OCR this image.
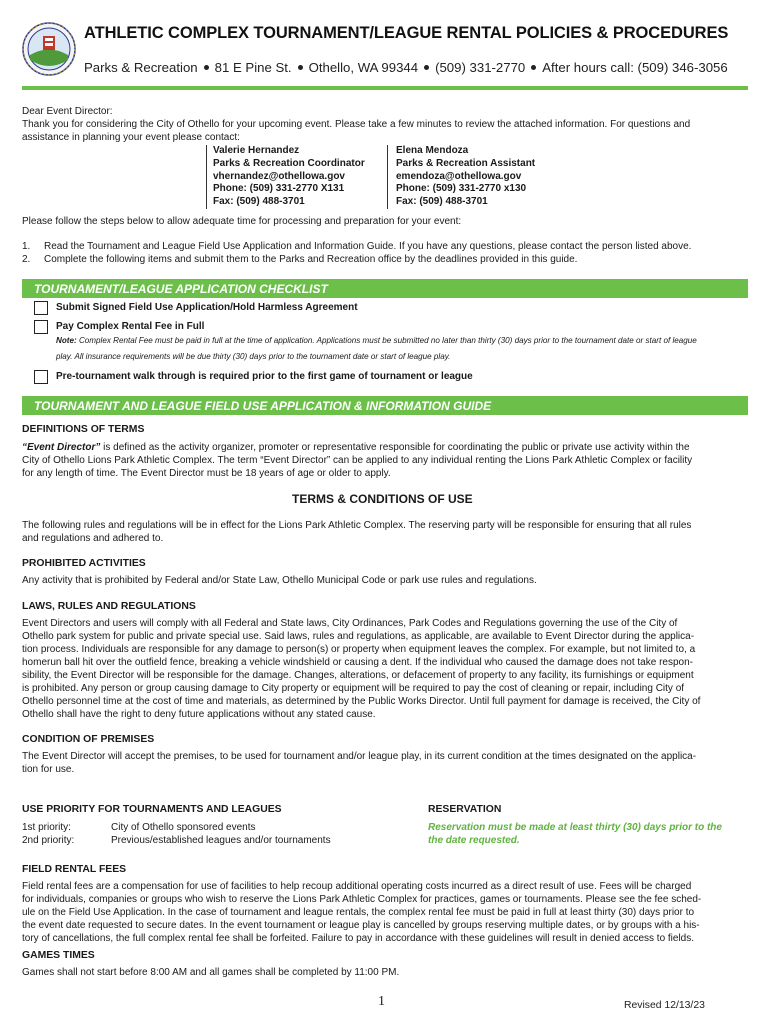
ATHLETIC COMPLEX TOURNAMENT/LEAGUE RENTAL POLICIES & PROCEDURES
Parks & Recreation 81 E Pine St. Othello, WA 99344 (509) 331-2770 After hours call: (509) 346-3056
Dear Event Director:
Thank you for considering the City of Othello for your upcoming event. Please take a few minutes to review the attached information. For questions and
assistance in planning your event please contact:
Valerie Hernandez
Parks & Recreation Coordinator
vhernandez@othellowa.gov
Phone: (509) 331-2770 X131
Fax: (509) 488-3701
Elena Mendoza
Parks & Recreation Assistant
emendoza@othellowa.gov
Phone: (509) 331-2770 x130
Fax: (509) 488-3701
Please follow the steps below to allow adequate time for processing and preparation for your event:
1. Read the Tournament and League Field Use Application and Information Guide. If you have any questions, please contact the person listed above.
2. Complete the following items and submit them to the Parks and Recreation office by the deadlines provided in this guide.
TOURNAMENT/LEAGUE APPLICATION CHECKLIST
Submit Signed Field Use Application/Hold Harmless Agreement
Pay Complex Rental Fee in Full
Note: Complex Rental Fee must be paid in full at the time of application. Applications must be submitted no later than thirty (30) days prior to the tournament date or start of league
play. All insurance requirements will be due thirty (30) days prior to the tournament date or start of league play.
Pre-tournament walk through is required prior to the first game of tournament or league
TOURNAMENT AND LEAGUE FIELD USE APPLICATION & INFORMATION GUIDE
DEFINITIONS OF TERMS
“Event Director” is defined as the activity organizer, promoter or representative responsible for coordinating the public or private use activity within the
City of Othello Lions Park Athletic Complex. The term “Event Director” can be applied to any individual renting the Lions Park Athletic Complex or facility
for any length of time. The Event Director must be 18 years of age or older to apply.
TERMS & CONDITIONS OF USE
The following rules and regulations will be in effect for the Lions Park Athletic Complex. The reserving party will be responsible for ensuring that all rules
and regulations and adhered to.
PROHIBITED ACTIVITIES
Any activity that is prohibited by Federal and/or State Law, Othello Municipal Code or park use rules and regulations.
LAWS, RULES AND REGULATIONS
Event Directors and users will comply with all Federal and State laws, City Ordinances, Park Codes and Regulations governing the use of the City of
Othello park system for public and private special use. Said laws, rules and regulations, as applicable, are available to Event Director during the applica-
tion process. Individuals are responsible for any damage to person(s) or property when equipment leaves the complex. For example, but not limited to, a
homerun ball hit over the outfield fence, breaking a vehicle windshield or causing a dent. If the individual who caused the damage does not take respon-
sibility, the Event Director will be responsible for the damage. Changes, alterations, or defacement of property to any facility, its furnishings or equipment
is prohibited. Any person or group causing damage to City property or equipment will be required to pay the cost of cleaning or repair, including City of
Othello personnel time at the cost of time and materials, as determined by the Public Works Director. Until full payment for damage is received, the City of
Othello shall have the right to deny future applications without any stated cause.
CONDITION OF PREMISES
The Event Director will accept the premises, to be used for tournament and/or league play, in its current condition at the times designated on the applica-
tion for use.
USE PRIORITY FOR TOURNAMENTS AND LEAGUES
1st priority:	City of Othello sponsored events
2nd priority:	Previous/established leagues and/or tournaments
RESERVATION
Reservation must be made at least thirty (30) days prior to the
the date requested.
FIELD RENTAL FEES
Field rental fees are a compensation for use of facilities to help recoup additional operating costs incurred as a direct result of use. Fees will be charged
for individuals, companies or groups who wish to reserve the Lions Park Athletic Complex for practices, games or tournaments. Please see the fee sched-
ule on the Field Use Application. In the case of tournament and league rentals, the complex rental fee must be paid in full at least thirty (30) days prior to
the event date requested to secure dates. In the event tournament or league play is cancelled by groups reserving multiple dates, or by groups with a his-
tory of cancellations, the full complex rental fee shall be forfeited. Failure to pay in accordance with these guidelines will result in denied access to fields.
GAMES TIMES
Games shall not start before 8:00 AM and all games shall be completed by 11:00 PM.
1	Revised 12/13/23
